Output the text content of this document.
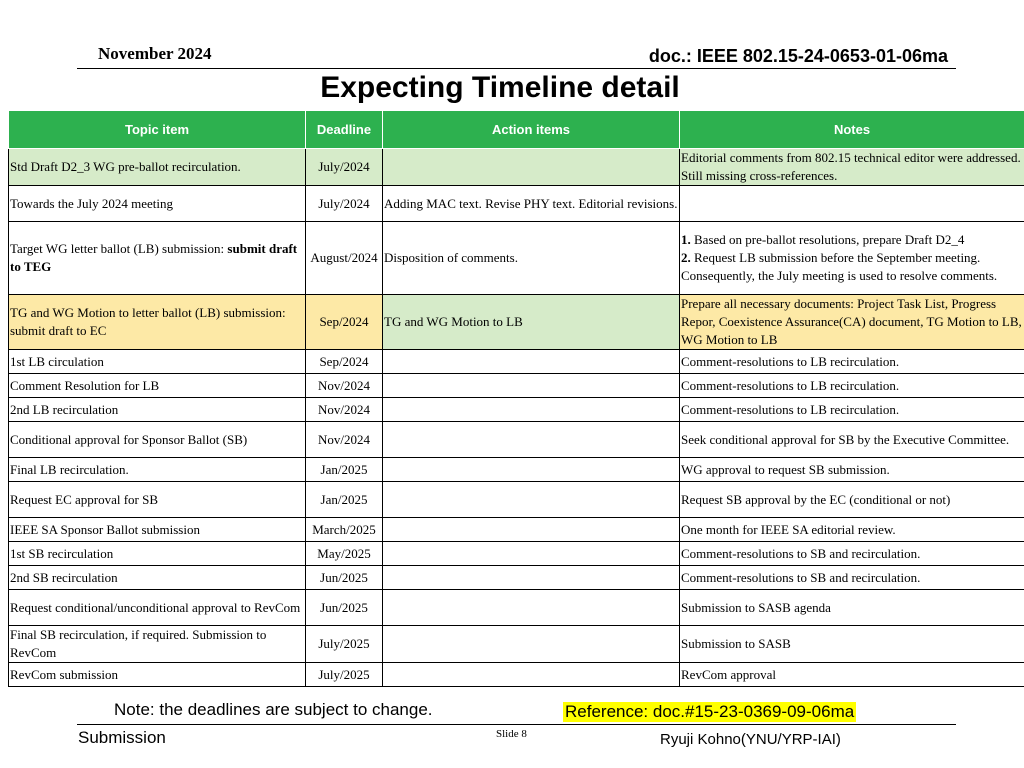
November 2024	doc.: IEEE 802.15-24-0653-01-06ma
Expecting Timeline detail
Topic item	Deadline	Action items	Notes
Std Draft D2_3 WG pre-ballot recirculation.	July/2024		Editorial comments from 802.15 technical editor were addressed. Still missing cross-references.
Towards the July 2024 meeting	July/2024	Adding MAC text. Revise PHY text. Editorial revisions.	
Target WG letter ballot (LB) submission: submit draft to TEG	August/2024	Disposition of comments.	1. Based on pre-ballot resolutions, prepare Draft D2_4
2. Request LB submission before the September meeting. Consequently, the July meeting is used to resolve comments.
TG and WG Motion to letter ballot (LB) submission: submit draft to EC	Sep/2024	TG and WG Motion to LB	Prepare all necessary documents: Project Task List, Progress Repor, Coexistence Assurance(CA) document, TG Motion to LB, WG Motion to LB
1st LB circulation	Sep/2024		Comment-resolutions to LB recirculation.
Comment Resolution for LB	Nov/2024		Comment-resolutions to LB recirculation.
2nd LB recirculation	Nov/2024		Comment-resolutions to LB recirculation.
Conditional approval for Sponsor Ballot (SB)	Nov/2024		Seek conditional approval for SB by the Executive Committee.
Final LB recirculation.	Jan/2025		WG approval to request SB submission.
Request EC approval for SB	Jan/2025		Request SB approval by the EC (conditional or not)
IEEE SA Sponsor Ballot submission	March/2025		One month for IEEE SA editorial review.
1st SB recirculation	May/2025		Comment-resolutions to SB and recirculation.
2nd SB recirculation	Jun/2025		Comment-resolutions to SB and recirculation.
Request conditional/unconditional approval to RevCom	Jun/2025		Submission to SASB agenda
Final SB recirculation, if required. Submission to RevCom	July/2025		Submission to SASB
RevCom submission	July/2025		RevCom approval
Note: the deadlines are subject to change.	Reference: doc.#15-23-0369-09-06ma
Submission	Slide 8	Ryuji Kohno(YNU/YRP-IAI)
